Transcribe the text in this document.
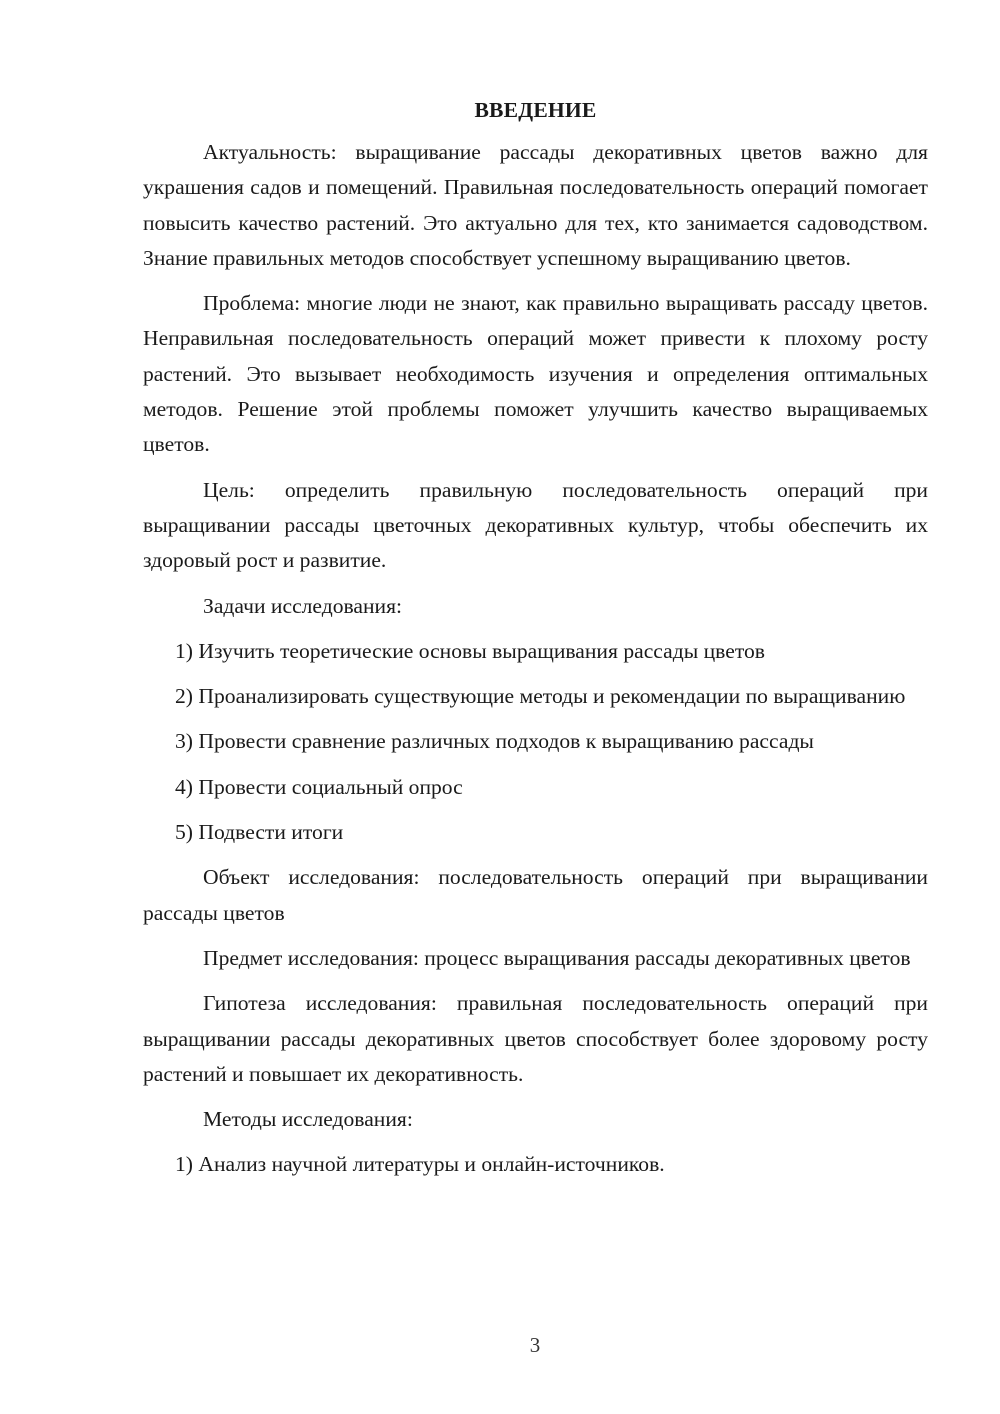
ВВЕДЕНИЕ
Актуальность: выращивание рассады декоративных цветов важно для украшения садов и помещений. Правильная последовательность операций помогает повысить качество растений. Это актуально для тех, кто занимается садоводством. Знание правильных методов способствует успешному выращиванию цветов.
Проблема: многие люди не знают, как правильно выращивать рассаду цветов. Неправильная последовательность операций может привести к плохому росту растений. Это вызывает необходимость изучения и определения оптимальных методов. Решение этой проблемы поможет улучшить качество выращиваемых цветов.
Цель: определить правильную последовательность операций при выращивании рассады цветочных декоративных культур, чтобы обеспечить их здоровый рост и развитие.
Задачи исследования:
1) Изучить теоретические основы выращивания рассады цветов
2) Проанализировать существующие методы и рекомендации по выращиванию
3) Провести сравнение различных подходов к выращиванию рассады
4) Провести социальный опрос
5) Подвести итоги
Объект исследования: последовательность операций при выращивании рассады цветов
Предмет исследования: процесс выращивания рассады декоративных цветов
Гипотеза исследования: правильная последовательность операций при выращивании рассады декоративных цветов способствует более здоровому росту растений и повышает их декоративность.
Методы исследования:
1) Анализ научной литературы и онлайн-источников.
3
